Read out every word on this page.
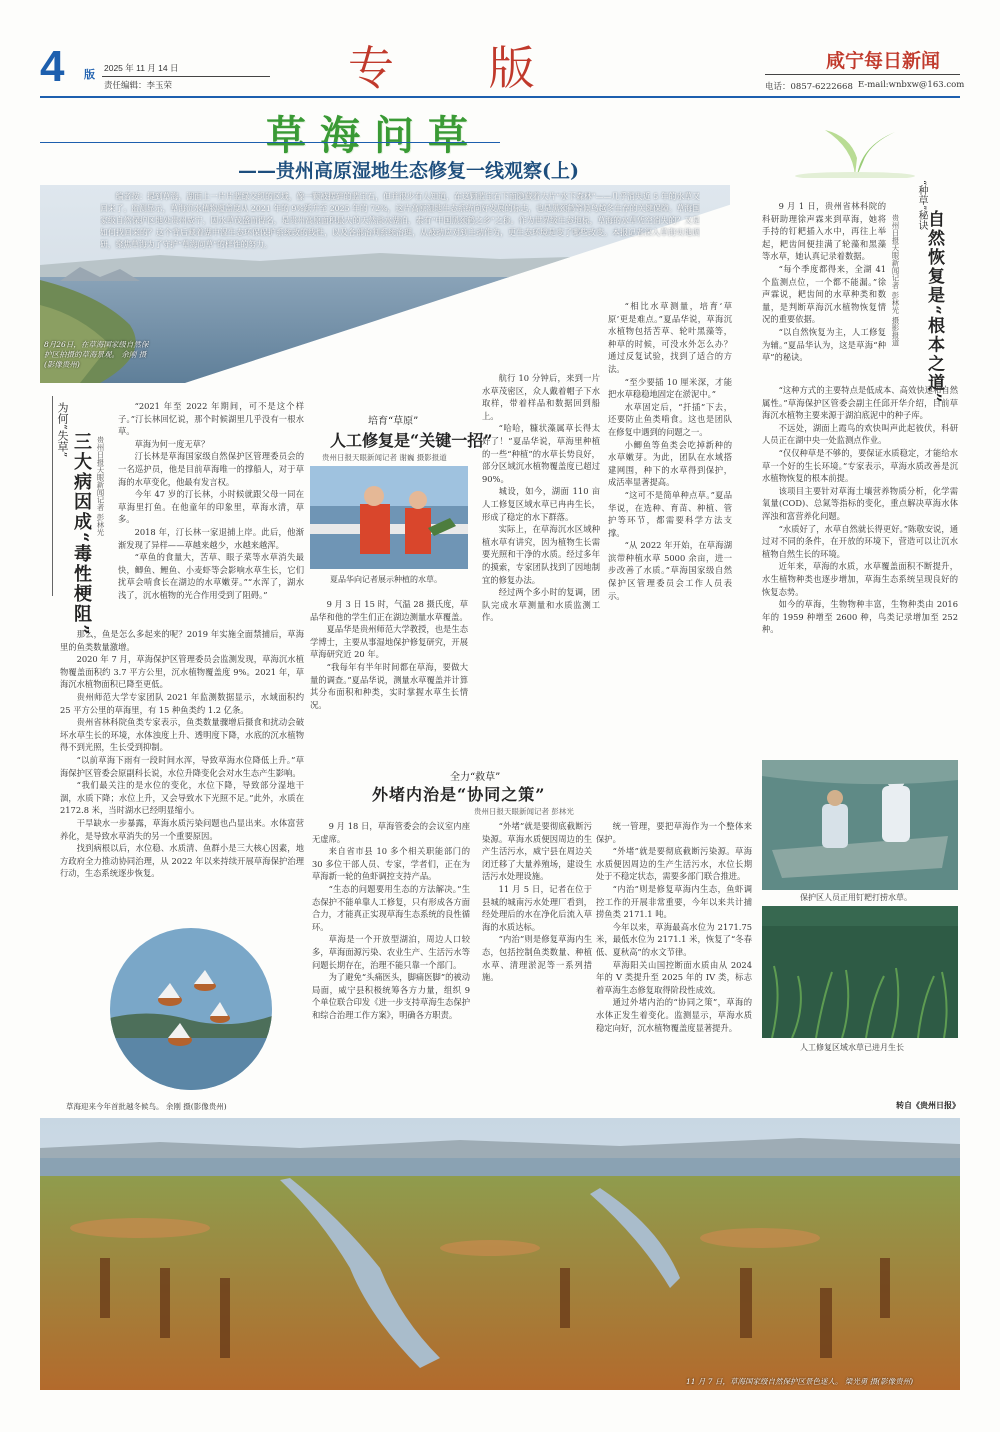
4 版 2025 年 11 月 14 日
责任编辑：李玉荣	专 版	咸宁每日新闻
电话：0857-6222668 E-mail:wnbxw@163.com
草海问草
——贵州高原湿地生态修复一线观察(上)
编者按：提到草海，湖面上一片片蓝绿交织的区域，像一颗被搓碎的蓝宝石，但并很少有人知道，在这颗蓝宝石下面隐藏着大片“水下森林”——几乎消失近 5 年的水草又回来了。监测显示，草海沉水植物覆盖度从 2021 年的 9%跃升至 2025 年的 72%，这片高原湿地生态系统向好发展的标志，也是黑颈鹤等候鸟越冬生存的关键保障。草海国家级自然保护区地处贵州威宁，因水草茂盛而得名，是贵州高原面积最大的天然淡水湖泊，素有“中国黑颈鹤之乡”之称。作为世界级生态地标，草海的水草凭空消失的？又是如何找回来的？这个背后藏着湖中湿生态环保保护系统改的线性，以及各部治判系统治理，从被动应对到主动作为，更生态环境是变了哪些改变。本报记者深入草海实地调研，聚焦草海为了守护“草海问草”的样性的努力。
8月26日，在草海国家级自然保护区拍摄的草海景观。 余刚 摄(影像贵州)
为何“失草”
三大病因成“毒性梗阻” 贵州日报天眼新闻记者 彭林光

“2021 年至 2022 年期间，可不是这个样子。”汀长林回忆说，那个时候湖里几乎没有一根水草。

草海为何一度无草？

汀长林是草海国家级自然保护区管理委员会的一名巡护员，他是目前草海唯一的撑船人，对于草海的水草变化，他最有发言权。

今年 47 岁的汀长林，小时候就跟父母一同在草海里打鱼。在他童年的印象里，草海水清，草多。

2018 年，汀长林一家退捕上岸。此后，他渐渐发现了异样——草越来越少，水越来越浑。

“草鱼的食量大，苦草、眼子菜等水草消失最快，鲫鱼、鲤鱼、小麦虾等会影响水草生长，它们扰草会啃食长在湖边的水草嫩芽。”“水浑了，湖水浅了，沉水植物的光合作用受到了阻碍。”

那么，鱼是怎么多起来的呢？2019 年实施全面禁捕后，草海里的鱼类数量激增。

2020 年 7 月，草海保护区管理委员会监测发现，草海沉水植物覆盖面积约 3.7 平方公里，沉水植物覆盖度 9%。2021 年，草海沉水植物面积已降至更低。

贵州师范大学专家团队 2021 年监测数据显示，水域面积约 25 平方公里的草海里，有 15 种鱼类约 1.2 亿条。

贵州省林科院鱼类专家表示，鱼类数量骤增后摄食和扰动会破坏水草生长的环境，水体浊度上升、透明度下降，水底的沉水植物得不到光照，生长受到抑制。

“以前草海下雨有一段时间水浑，导致草海水位降低上升。”草海保护区管委会原副科长说，水位升降变化会对水生态产生影响。

“我们最关注的是水位的变化，水位下降，导致部分湿地干涸，水质下降；水位上升，又会导致水下光照不足。”此外，水质在 2172.8 米，当时湖水已经明显缩小。

干旱缺水一步暴露，草海水质污染问题也凸显出来。水体富营养化，是导致水草消失的另一个重要原因。

找到病根以后，水位稳、水质清、鱼群小是三大核心因素，地方政府全力推动协同治理，从 2022 年以来持续开展草海保护治理行动，生态系统逐步恢复。

草海迎来今年首批越冬候鸟。 余刚 摄(影像贵州)
培育“草原”
人工修复是“关键一招”
贵州日报天眼新闻记者 谢巍 摄影报道
夏品华向记者展示种植的水草。

9 月 3 日 15 时，气温 28 摄氏度，草品华和他的学生们正在湖边测量水草覆盖。

夏品华是贵州师范大学教授，也是生态学博士，主要从事湿地保护修复研究，开展草海研究近 20 年。

“我每年有半年时间都在草海，要做大量的调查。”夏品华说，测量水草覆盖并计算其分布面积和种类，实时掌握水草生长情况。

航行 10 分钟后，来到一片水草茂密区，众人戴着帽子下水取样，带着样品和数据回到船上。

“哈哈，糠状藻属草长得太好了！”夏品华说，草海里种植的一些“种植”的水草长势良好，部分区域沉水植物覆盖度已超过 90%。

城设，如今，湖面 110 亩人工修复区域水草已冉冉生长，形成了稳定的水下群落。

实际上，在草海沉水区域种植水草有讲究，因为植物生长需要光照和干净的水质。经过多年的摸索，专家团队找到了因地制宜的修复办法。

经过两个多小时的复调，团队完成水草测量和水质监测工作。

“相比水草测量，培育‘草原’更是难点。”夏品华说，草海沉水植物包括苦草、轮叶黑藻等，种草的时候，可没水外怎么办？通过反复试验，找到了适合的方法。

“至少要插 10 厘米深，才能把水草稳稳地固定在淤泥中。”

水草固定后，“扦插”下去，还要防止鱼类啃食。这也是团队在修复中遇到的问题之一。

小鲫鱼等鱼类会吃掉新种的水草嫩芽。为此，团队在水域搭建网围，种下的水草得到保护，成活率显著提高。

“这可不是简单种点草。”夏品华说，在选种、育苗、种植、管护等环节，都需要科学方法支撑。

“从 2022 年开始，在草海湖滨带种植水草 5000 余亩，进一步改善了水质。”草海国家级自然保护区管理委员会工作人员表示。

全力“救草”
外堵内治是“协同之策”
贵州日报天眼新闻记者 彭林光

9 月 18 日，草海管委会的会议室内座无虚席。

来自省市县 10 多个相关职能部门的 30 多位干部人员、专家，学者们，正在为草海新一轮的鱼虾调控支持产品。

“生态的问题要用生态的方法解决。”生态保护不能单靠人工修复，只有形成各方面合力，才能真正实现草海生态系统的良性循环。

草海是一个开放型湖泊，周边人口较多，草海面源污染、农业生产、生活污水等问题长期存在，治理不能只靠一个部门。

为了避免“头痛医头，脚痛医脚”的被动局面，威宁县积极统筹各方力量，组织 9 个单位联合印发《进一步支持草海生态保护和综合治理工作方案》，明确各方职责。

“外堵”就是要彻底截断污染源。草海水质便因周边的生产生活污水，威宁县在周边关闭迁移了大量养殖场，建设生活污水处理设施。

11 月 5 日，记者在位于县城的城南污水处理厂看到，经处理后的水在净化后流入草海的水质达标。

“内治”则是修复草海内生态，包括控制鱼类数量、种植水草、清理淤泥等一系列措施。

统一管理，要把草海作为一个整体来保护。

“外堵”就是要彻底截断污染源。草海水质便因周边的生产生活污水，水位长期处于不稳定状态，需要多部门联合推进。

“内治”则是修复草海内生态，鱼虾调控工作的开展非常重要，今年以来共计捕捞鱼类 2171.1 吨。

今年以来，草海最高水位为 2171.75 米，最低水位为 2171.1 米，恢复了“冬春低、夏秋高”的水文节律。

草海阳关山国控断面水质由从 2024 年的 V 类提升至 2025 年的 IV 类，标志着草海生态修复取得阶段性成效。

通过外堵内治的“协同之策”，草海的水体正发生着变化。监测显示，草海水质稳定向好，沉水植物覆盖度显著提升。

“种草”秘诀
自然恢复是“根本之道”
贵州日报天眼新闻记者 彭林光 摄影报道

9 月 1 日，贵州省林科院的科研助理徐声霖来到草海，她将手持的钉耙插入水中，再往上举起，耙齿间便挂满了轮藻和黑藻等水草，她认真记录着数据。

“每个季度都得来，全湖 41 个监测点位，一个都不能漏。”徐声霖说，耙齿间的水草种类和数量，是判断草海沉水植物恢复情况的重要依据。

“以自然恢复为主，人工修复为辅。”夏品华认为，这是草海“种草”的秘诀。

“这种方式的主要特点是低成本、高效快速和自然属性。”草海保护区管委会副主任邱开华介绍，目前草海沉水植物主要来源于湖泊底泥中的种子库。

不远处，湖面上霞鸟的欢快叫声此起彼伏，科研人员正在湖中央一处监测点作业。

“仅仅种草是不够的，要保证水质稳定，才能给水草一个好的生长环境。”专家表示，草海水质改善是沉水植物恢复的根本前提。

该项目主要针对草海土壤营养物质分析，化学需氧量(COD)、总氮等指标的变化，重点解决草海水体浑浊和富营养化问题。

“水质好了，水草自然就长得更好。”陈敬安说，通过对不同的条件，在开放的环境下，营造可以让沉水植物自然生长的环境。

近年来，草海的水质，水草覆盖面积不断提升，水生植物种类也逐步增加，草海生态系统呈现良好的恢复态势。

如今的草海，生物物种丰富，生物种类由 2016 年的 1959 种增至 2600 种，鸟类记录增加至 252 种。

保护区人员正用钉耙打捞水草。
人工修复区域水草已进月生长
转自《贵州日报》
11 月 7 日，草海国家级自然保护区景色迷人。 梁光勇 摄(影像贵州)
